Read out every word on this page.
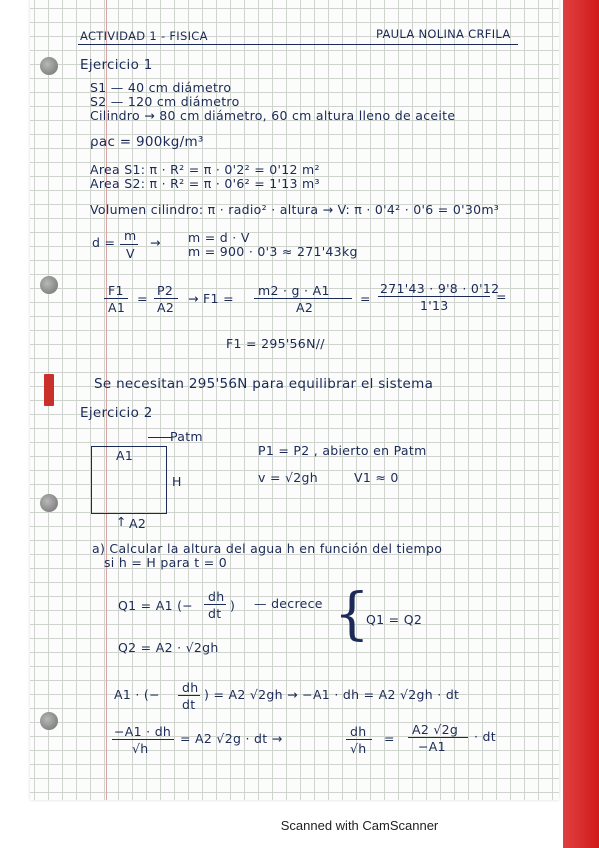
ACTIVIDAD 1 - FISICA	PAULA NOLINA CRFILA
Ejercicio 1
S1 — 40 cm diámetro
S2 — 120 cm diámetro
Cilindro → 80 cm diámetro, 60 cm altura lleno de aceite
ρac = 900kg/m³
Area S1: π · R² = π · 0'2² = 0'12 m²
Area S2: π · R² = π · 0'6² = 1'13 m³
Volumen cilindro: π · radio² · altura → V: π · 0'4² · 0'6 = 0'30m³
d = m
V
→ m = d · V
m = 900 · 0'3 ≈ 271'43kg
F1
A1
=
P2
A2
→ F1 =
m2 · g · A1
A2
=
271'43 · 9'8 · 0'12
1'13
=
F1 = 295'56N//
Se necesitan 295'56N para equilibrar el sistema
Ejercicio 2
Patm
A1
H
↑ A2
P1 = P2 , abierto en Patm
v = √2gh	V1 ≈ 0
a) Calcular la altura del agua h en función del tiempo
si h = H para t = 0
Q1 = A1 (−
dh
dt
) — decrece
Q2 = A2 · √2gh
{
Q1 = Q2
A1 · (− dh
dt
) = A2 √2gh → −A1 · dh = A2 √2gh · dt
−A1 · dh
√h
= A2 √2g · dt →	dh
√h
=
A2 √2g
−A1
· dt
Scanned with CamScanner
